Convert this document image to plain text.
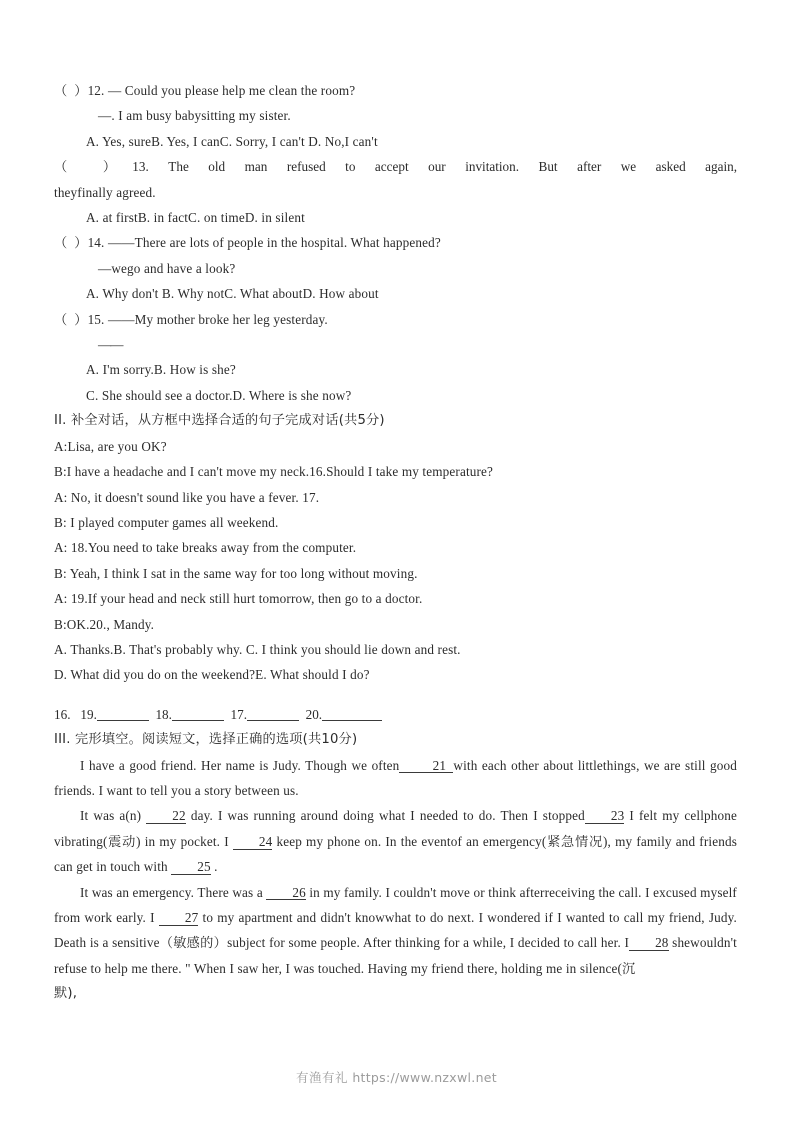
（  ）12. — Could you please help me clean the room?
—. I am busy babysitting my sister.
A. Yes, sureB. Yes, I canC. Sorry, I can't D. No,I can't
（ ）13. The old man refused to accept our invitation. But after we asked again,
theyfinally agreed.
A. at firstB. in factC. on timeD. in silent
（  ）14. ——There are lots of people in the hospital. What happened?
—wego and have a look?
A. Why don't B. Why notC. What aboutD. How about
（  ）15. ——My mother broke her leg yesterday.
——
A. I'm sorry.B. How is she?
C. She should see a doctor.D. Where is she now?
II. 补全对话，从方框中选择合适的句子完成对话(共5分)
A:Lisa, are you OK?
B:I have a headache and I can't move my neck.16.Should I take my temperature?
A: No, it doesn't sound like you have a fever. 17.
B: I played computer games all weekend.
A: 18.You need to take breaks away from the computer.
B: Yeah, I think I sat in the same way for too long without moving.
A: 19.If your head and neck still hurt tomorrow, then go to a doctor.
B:OK.20., Mandy.
A. Thanks.B. That's probably why. C. I think you should lie down and rest.
D. What did you do on the weekend?E. What should I do?
16. 19.	18.	17.	20.
III. 完形填空。阅读短文，选择正确的选项(共10分)

I have a good friend. Her name is Judy. Though we often	21 with each other about littlethings, we are still good friends. I want to tell you a story between us.

It was a(n) 22 day. I was running around doing what I needed to do. Then I stopped 23 I felt my cellphone vibrating(震动) in my pocket. I 24 keep my phone on. In the eventof an emergency(紧急情况), my family and friends can get in touch with 25 .

It was an emergency. There was a 26 in my family. I couldn't move or think afterreceiving the call. I excused myself from work early. I 27 to my apartment and didn't knowwhat to do next. I wondered if I wanted to call my friend, Judy. Death is a sensitive（敏感的）subject for some people. After thinking for a while, I decided to call her. I 28 shewouldn't refuse to help me there. " When I saw her, I was touched. Having my friend there, holding me in silence(沉

默),
有渔有礼 https://www.nzxwl.net
